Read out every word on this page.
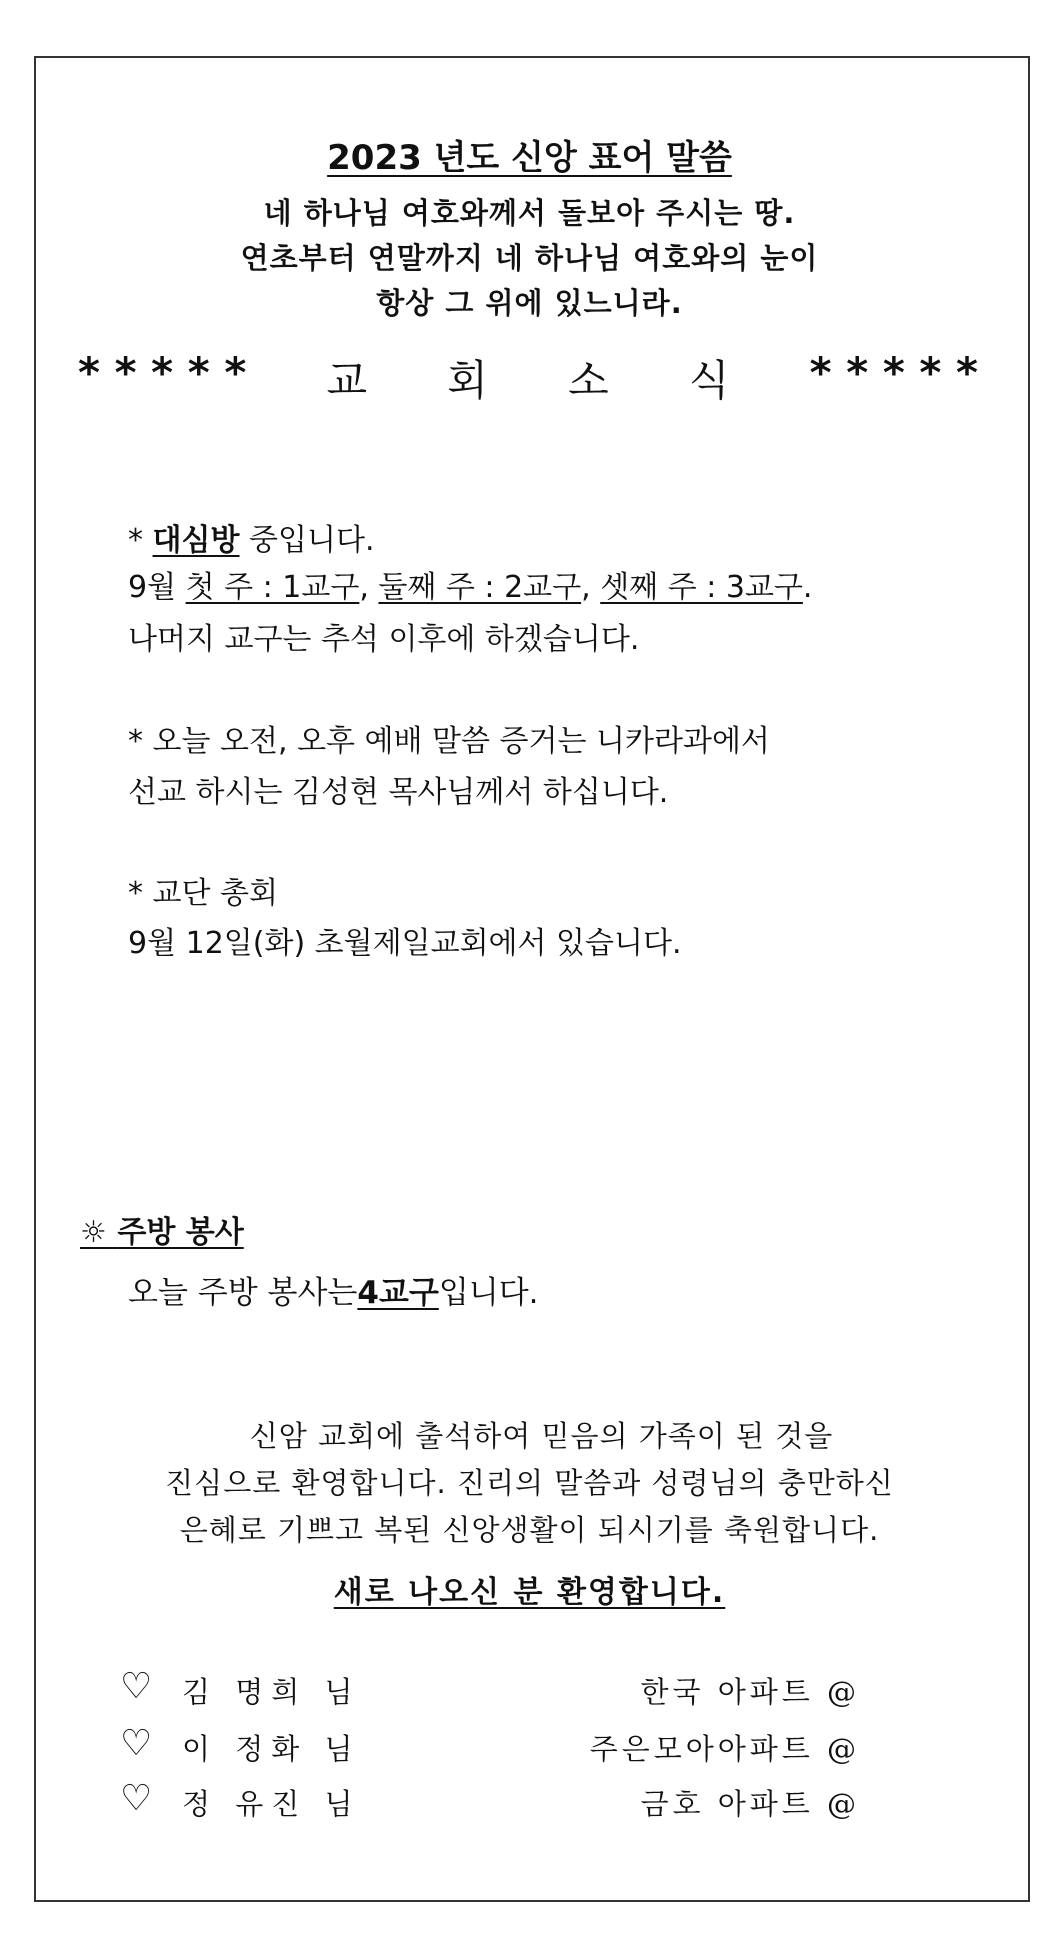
2023 년도 신앙 표어 말씀
네 하나님 여호와께서 돌보아 주시는 땅.
연초부터 연말까지 네 하나님 여호와의 눈이
항상 그 위에 있느니라.
* * * * * 교 회 소 식 * * * * *
* 대심방 중입니다.
9월 첫 주 : 1교구, 둘째 주 : 2교구, 셋째 주 : 3교구.
나머지 교구는 추석 이후에 하겠습니다.
* 오늘 오전, 오후 예배 말씀 증거는 니카라과에서
선교 하시는 김성현 목사님께서 하십니다.
* 교단 총회
9월 12일(화) 초월제일교회에서 있습니다.
☼ 주방 봉사
오늘 주방 봉사는4교구입니다.
신암 교회에 출석하여 믿음의 가족이 된 것을
진심으로 환영합니다. 진리의 말씀과 성령님의 충만하신
은혜로 기쁘고 복된 신앙생활이 되시기를 축원합니다.
새로 나오신 분 환영합니다.
♡ 김 명희 님	한국 아파트 @
♡ 이 정화 님	주은모아아파트 @
♡ 정 유진 님	금호 아파트 @
